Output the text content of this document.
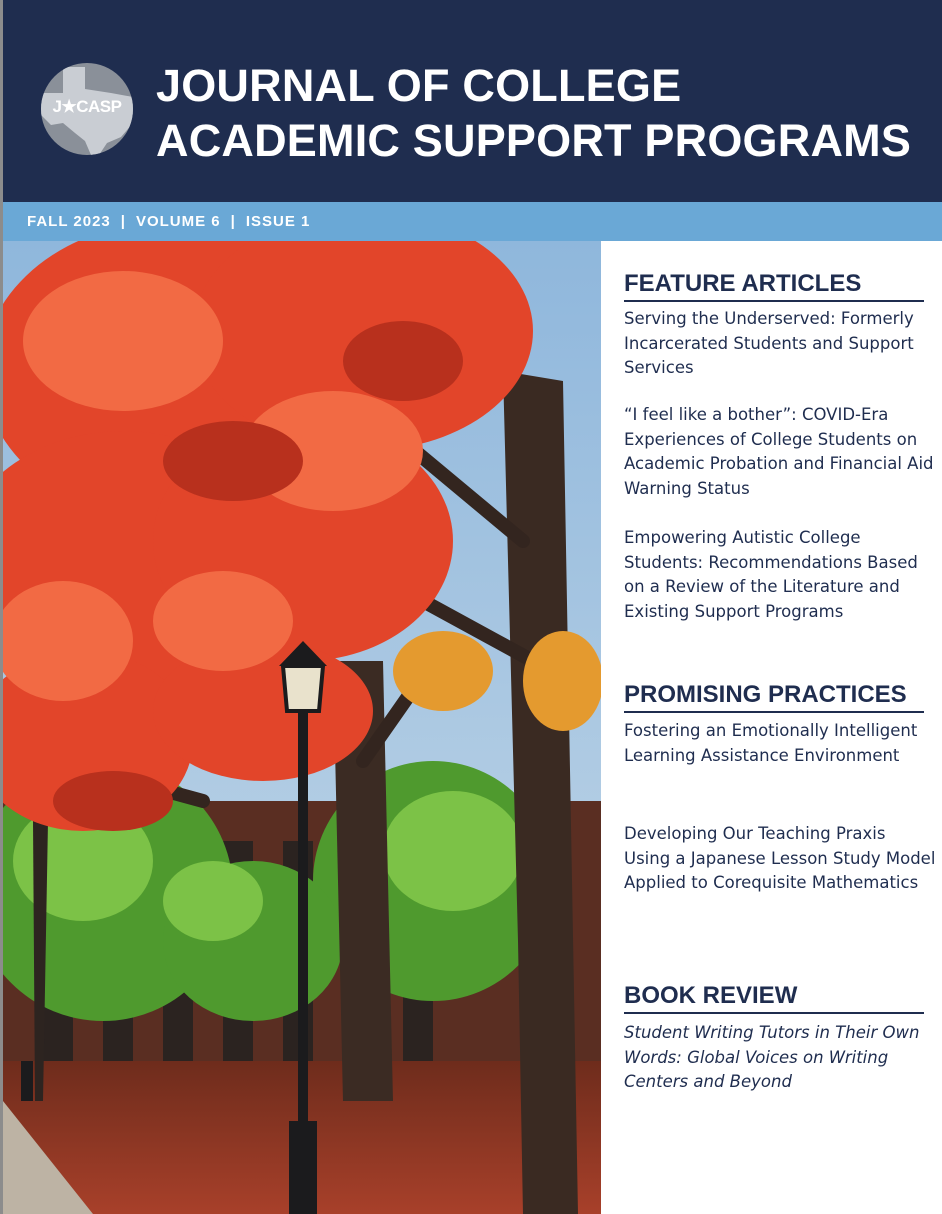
J★CASP JOURNAL OF COLLEGE
ACADEMIC SUPPORT PROGRAMS
FALL 2023 | VOLUME 6 | ISSUE 1
FEATURE ARTICLES

Serving the Underserved: Formerly Incarcerated Students and Support Services

“I feel like a bother”: COVID-Era Experiences of College Students on Academic Probation and Financial Aid Warning Status

Empowering Autistic College Students: Recommendations Based on a Review of the Literature and Existing Support Programs

PROMISING PRACTICES

Fostering an Emotionally Intelligent Learning Assistance Environment

Developing Our Teaching Praxis Using a Japanese Lesson Study Model Applied to Corequisite Mathematics

BOOK REVIEW

Student Writing Tutors in Their Own Words: Global Voices on Writing Centers and Beyond
